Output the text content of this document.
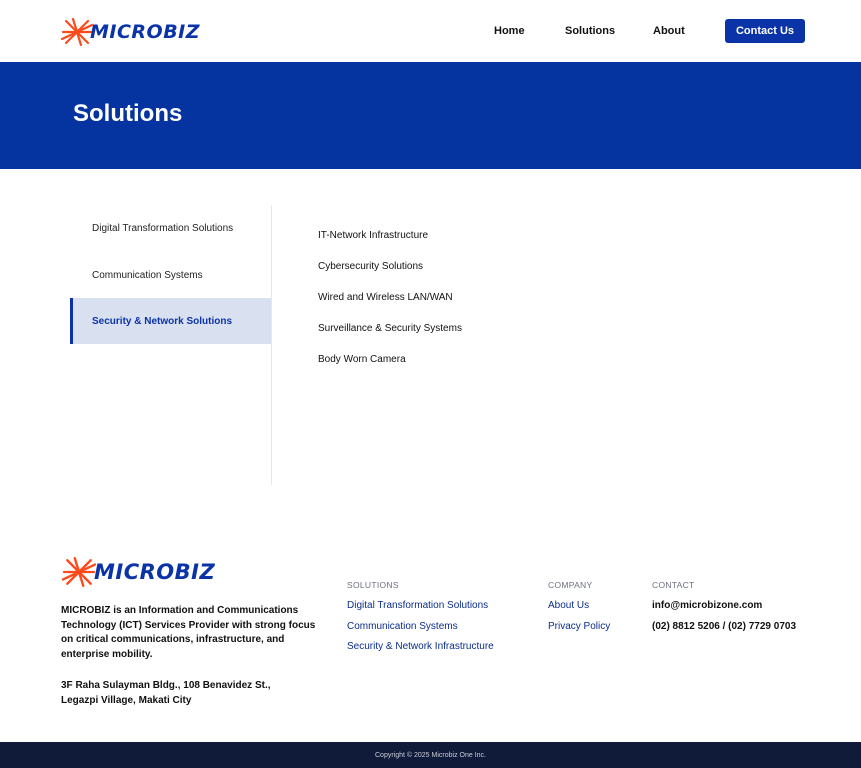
MICROBIZ	Home	Solutions	About	Contact Us
Solutions
Digital Transformation Solutions
Communication Systems
Security & Network Solutions
IT-Network Infrastructure
Cybersecurity Solutions
Wired and Wireless LAN/WAN
Surveillance & Security Systems
Body Worn Camera
MICROBIZ
MICROBIZ is an Information and Communications Technology (ICT) Services Provider with strong focus on critical communications, infrastructure, and enterprise mobility.
3F Raha Sulayman Bldg., 108 Benavidez St.,
Legazpi Village, Makati City
SOLUTIONS
Digital Transformation Solutions
Communication Systems
Security & Network Infrastructure
COMPANY
About Us
Privacy Policy
CONTACT
info@microbizone.com
(02) 8812 5206 / (02) 7729 0703
Copyright © 2025 Microbiz One Inc.
